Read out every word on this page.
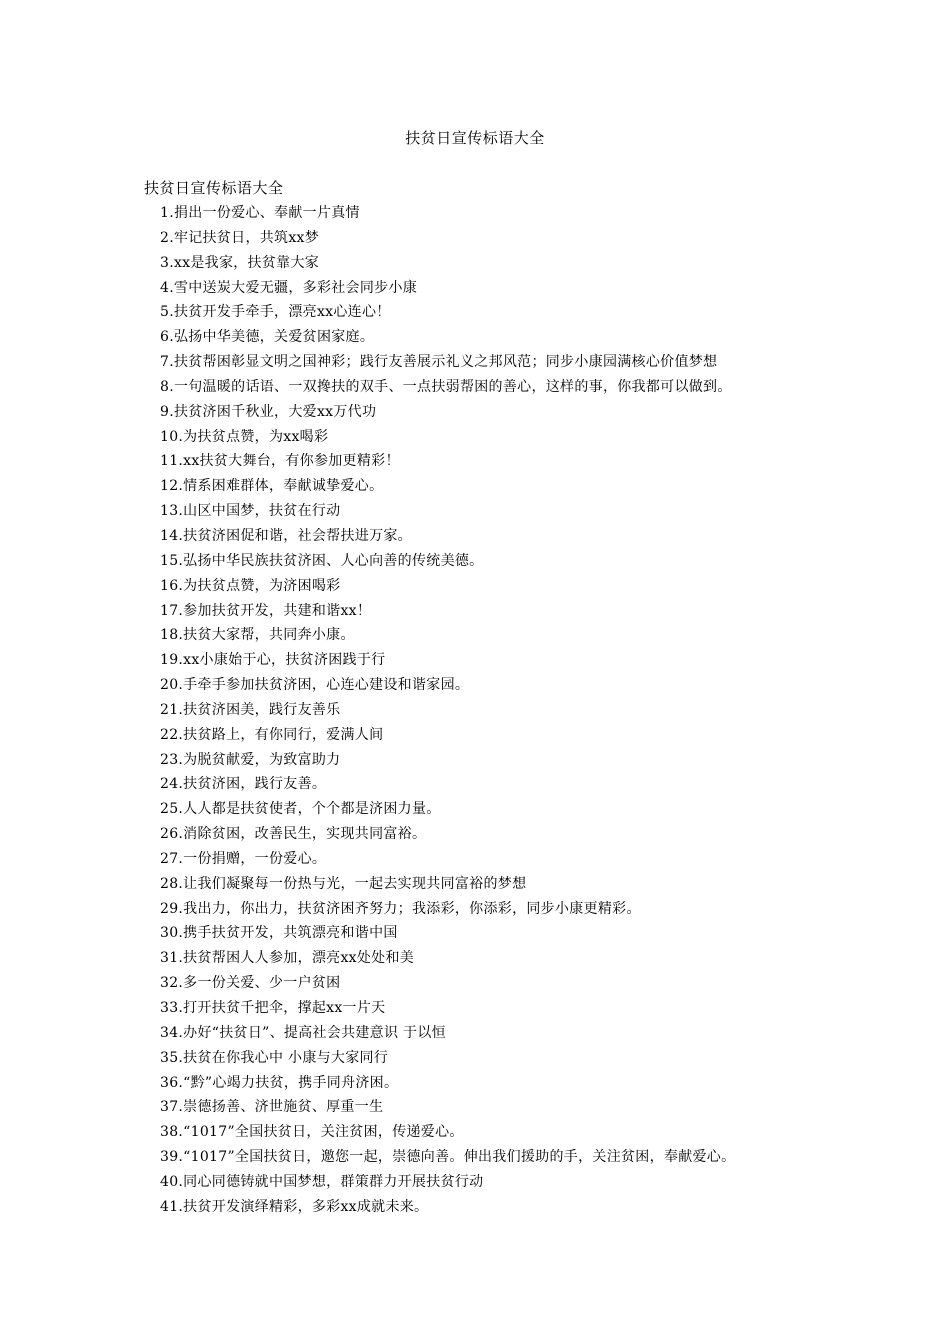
扶贫日宣传标语大全
扶贫日宣传标语大全
1.捐出一份爱心、奉献一片真情
2.牢记扶贫日，共筑xx梦
3.xx是我家，扶贫靠大家
4.雪中送炭大爱无疆，多彩社会同步小康
5.扶贫开发手牵手，漂亮xx心连心！
6.弘扬中华美德，关爱贫困家庭。
7.扶贫帮困彰显文明之国神彩；践行友善展示礼义之邦风范；同步小康园满核心价值梦想
8.一句温暖的话语、一双搀扶的双手、一点扶弱帮困的善心，这样的事，你我都可以做到。
9.扶贫济困千秋业，大爱xx万代功
10.为扶贫点赞，为xx喝彩
11.xx扶贫大舞台，有你参加更精彩！
12.情系困难群体，奉献诚挚爱心。
13.山区中国梦，扶贫在行动
14.扶贫济困促和谐，社会帮扶进万家。
15.弘扬中华民族扶贫济困、人心向善的传统美德。
16.为扶贫点赞，为济困喝彩
17.参加扶贫开发，共建和谐xx！
18.扶贫大家帮，共同奔小康。
19.xx小康始于心，扶贫济困践于行
20.手牵手参加扶贫济困，心连心建设和谐家园。
21.扶贫济困美，践行友善乐
22.扶贫路上，有你同行，爱满人间
23.为脱贫献爱，为致富助力
24.扶贫济困，践行友善。
25.人人都是扶贫使者，个个都是济困力量。
26.消除贫困，改善民生，实现共同富裕。
27.一份捐赠，一份爱心。
28.让我们凝聚每一份热与光，一起去实现共同富裕的梦想
29.我出力，你出力，扶贫济困齐努力；我添彩，你添彩，同步小康更精彩。
30.携手扶贫开发，共筑漂亮和谐中国
31.扶贫帮困人人参加，漂亮xx处处和美
32.多一份关爱、少一户贫困
33.打开扶贫千把伞，撑起xx一片天
34.办好“扶贫日”、提高社会共建意识 于以恒
35.扶贫在你我心中 小康与大家同行
36.“黔”心竭力扶贫，携手同舟济困。
37.崇德扬善、济世施贫、厚重一生
38.“1017”全国扶贫日，关注贫困，传递爱心。
39.“1017”全国扶贫日，邀您一起，崇德向善。伸出我们援助的手，关注贫困，奉献爱心。
40.同心同德铸就中国梦想，群策群力开展扶贫行动
41.扶贫开发演绎精彩，多彩xx成就未来。
